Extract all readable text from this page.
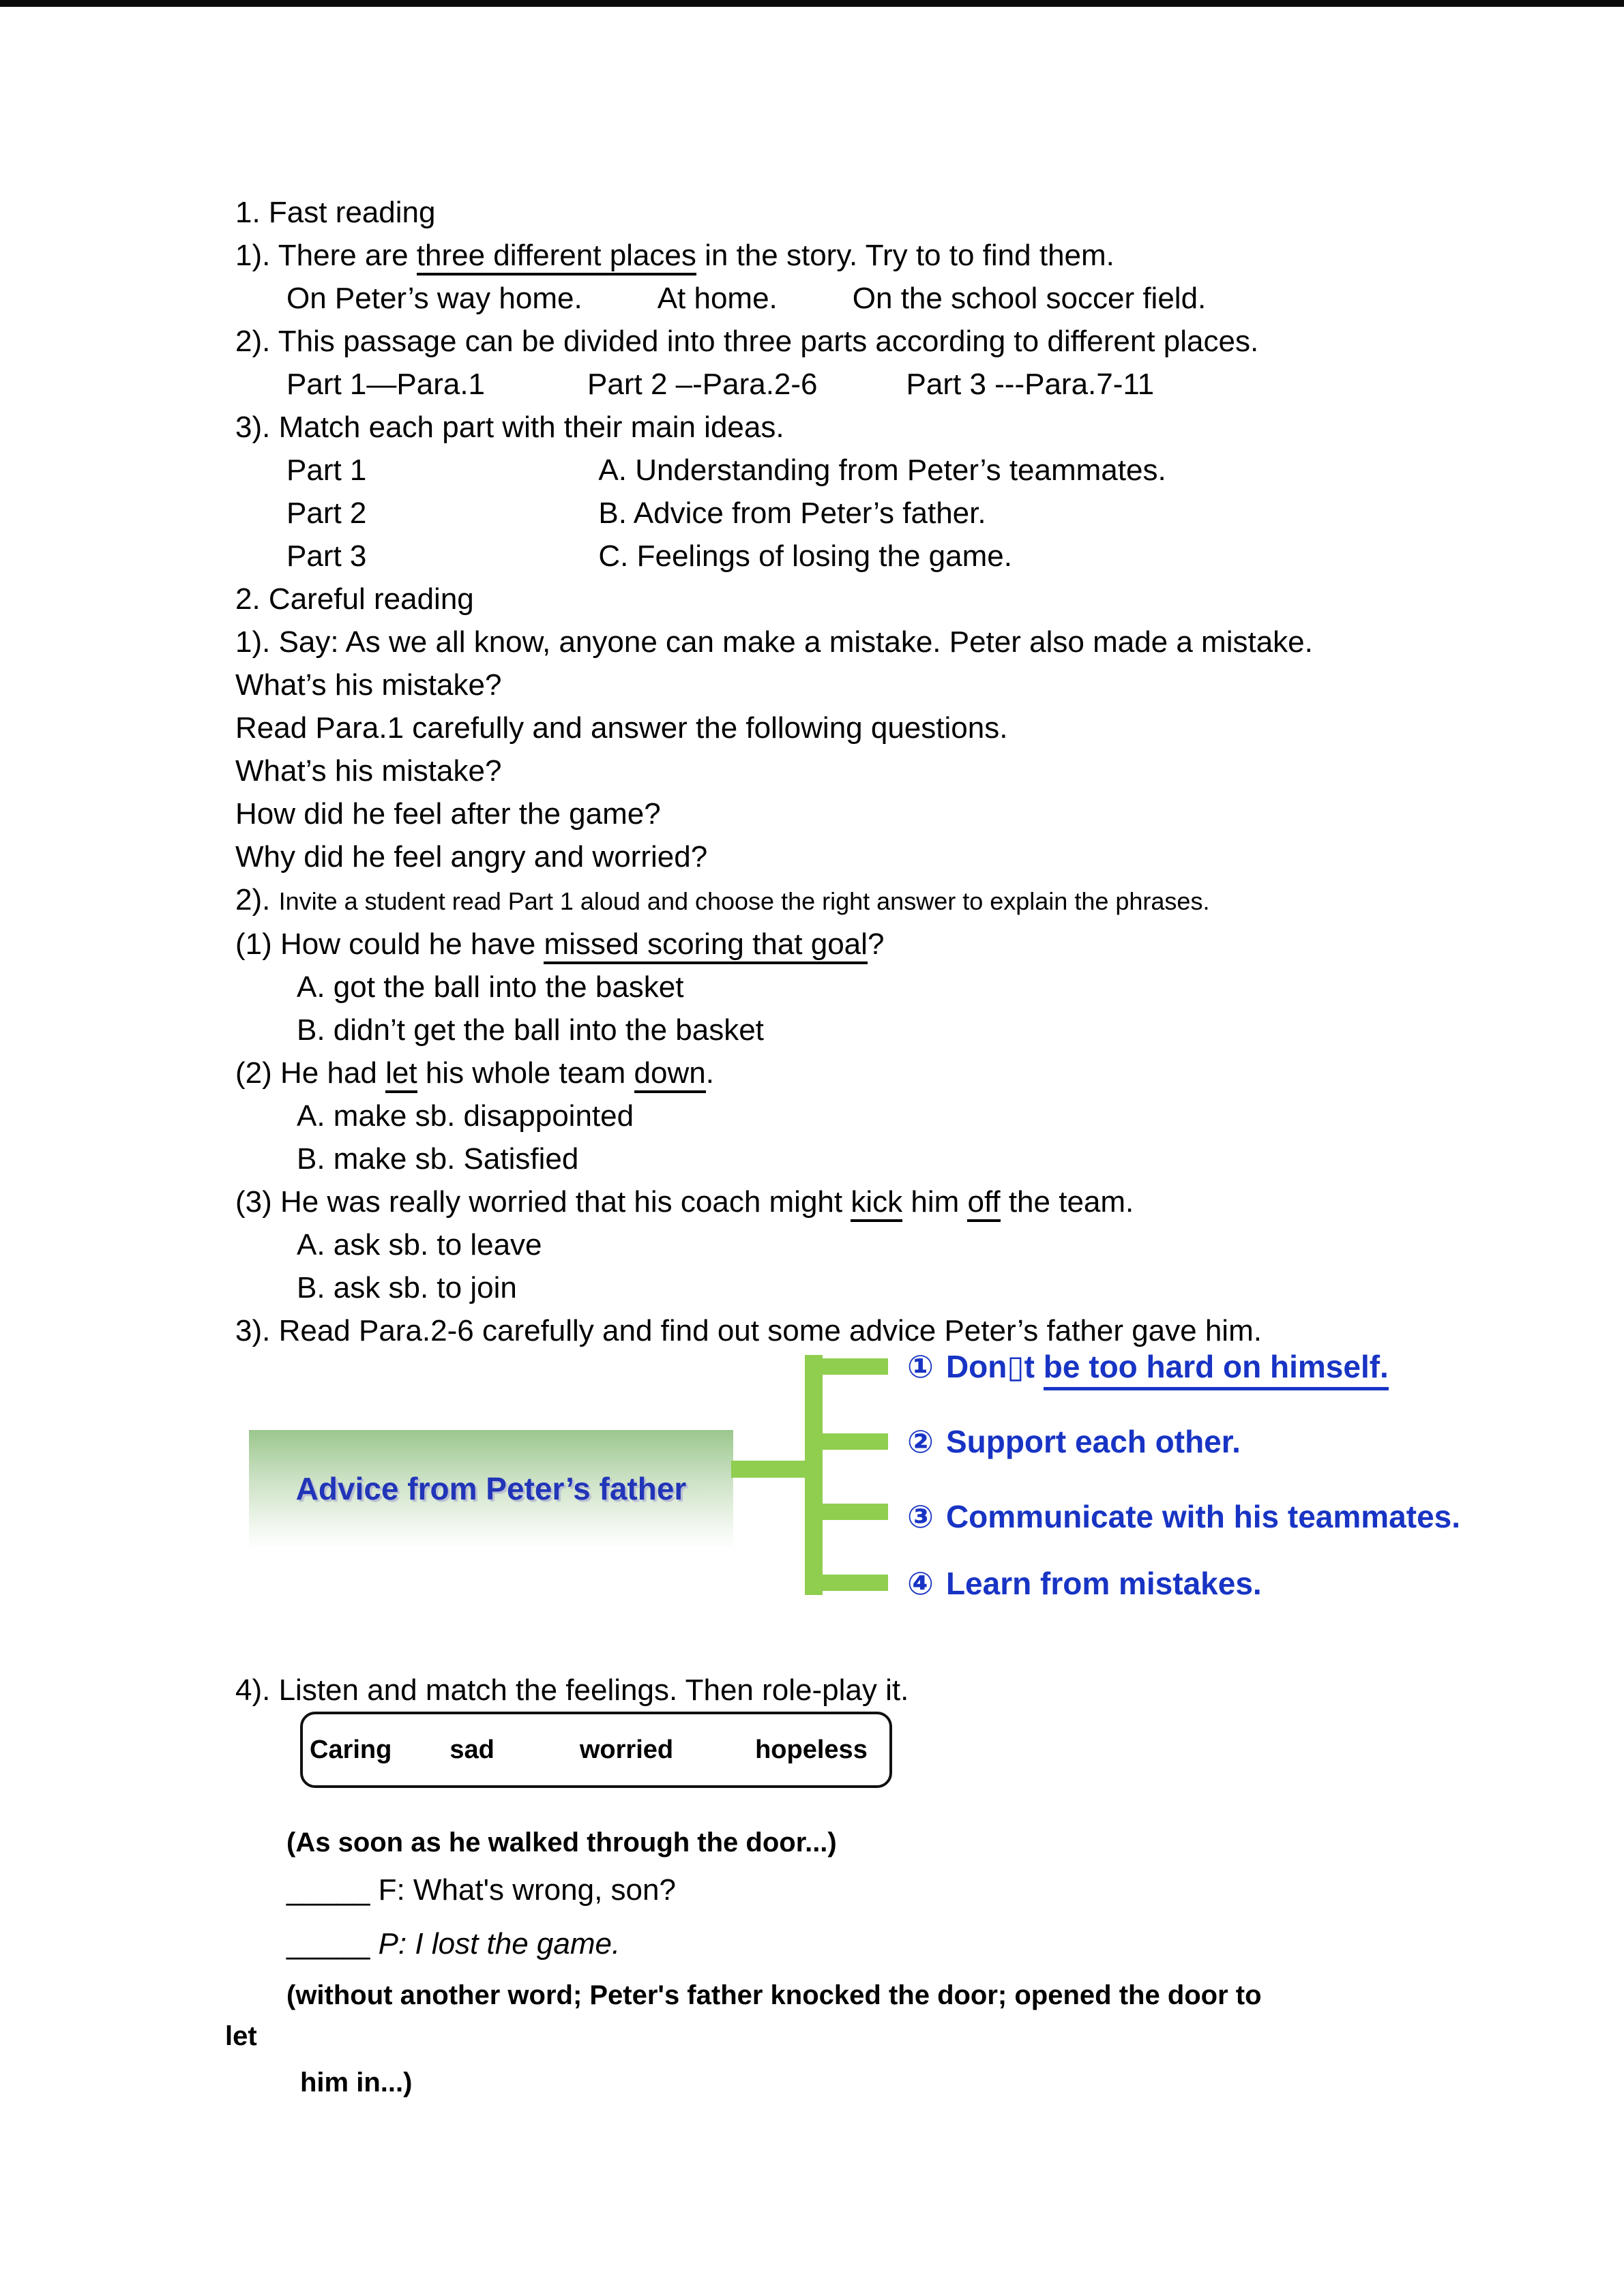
1. Fast reading
1). There are three different places in the story. Try to to find them.
On Peter’s way home.	At home.	On the school soccer field.
2). This passage can be divided into three parts according to different places.
Part 1—Para.1	Part 2 –-Para.2-6	Part 3 ---Para.7-11
3). Match each part with their main ideas.
Part 1	A. Understanding from Peter’s teammates.
Part 2	B. Advice from Peter’s father.
Part 3	C. Feelings of losing the game.
2. Careful reading
1). Say: As we all know, anyone can make a mistake. Peter also made a mistake.
What’s his mistake?
Read Para.1 carefully and answer the following questions.
What’s his mistake?
How did he feel after the game?
Why did he feel angry and worried?
2). Invite a student read Part 1 aloud and choose the right answer to explain the phrases.
(1) How could he have missed scoring that goal?
A. got the ball into the basket
B. didn’t get the ball into the basket
(2) He had let his whole team down.
A. make sb. disappointed
B. make sb. Satisfied
(3) He was really worried that his coach might kick him off the team.
A. ask sb. to leave
B. ask sb. to join
3). Read Para.2-6 carefully and find out some advice Peter’s father gave him.
Advice from Peter’s father
① Don▯t be too hard on himself.
② Support each other.
③ Communicate with his teammates.
④ Learn from mistakes.
4). Listen and match the feelings. Then role-play it.
Caring sad	worried	hopeless
(As soon as he walked through the door...)
_____ F: What's wrong, son?
_____ P: I lost the game.
(without another word; Peter's father knocked the door; opened the door to
let
him in...)
